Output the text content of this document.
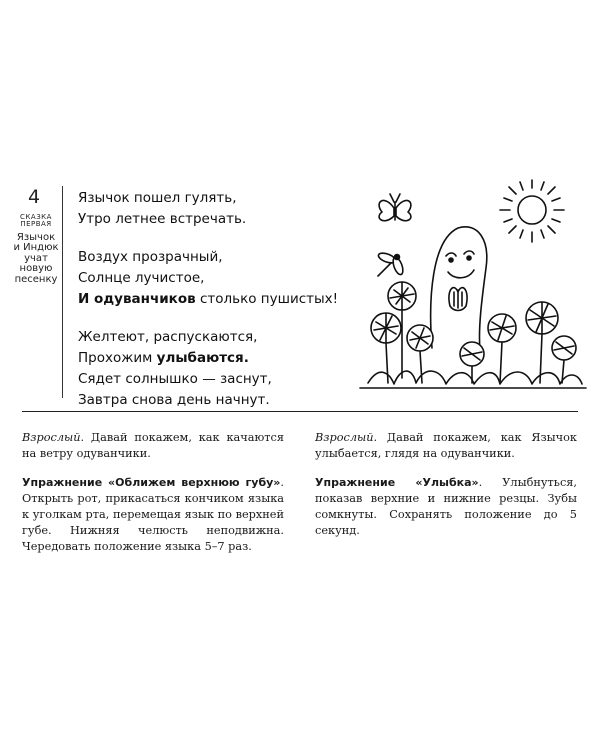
4
СКАЗКА
ПЕРВАЯ
Язычок
и Индюк
учат
новую
песенку
Язычок пошел гулять,
Утро летнее встречать.
Воздух прозрачный,
Солнце лучистое,
И одуванчиков столько пушистых!
Желтеют, распускаются,
Прохожим улыбаются.
Сядет солнышко — заснут,
Завтра снова день начнут.

Взрослый. Давай покажем, как качаются на ветру одуванчики.

Упражнение «Оближем верхнюю губу». Открыть рот, прикасаться кончиком языка к уголкам рта, перемещая язык по верхней губе. Нижняя челюсть неподвижна. Чередовать положение языка 5–7 раз.

Взрослый. Давай покажем, как Язычок улыбается, глядя на одуванчики.

Упражнение «Улыбка». Улыбнуться, показав верхние и нижние резцы. Зубы сомкнуты. Сохранять положение до 5 секунд.
